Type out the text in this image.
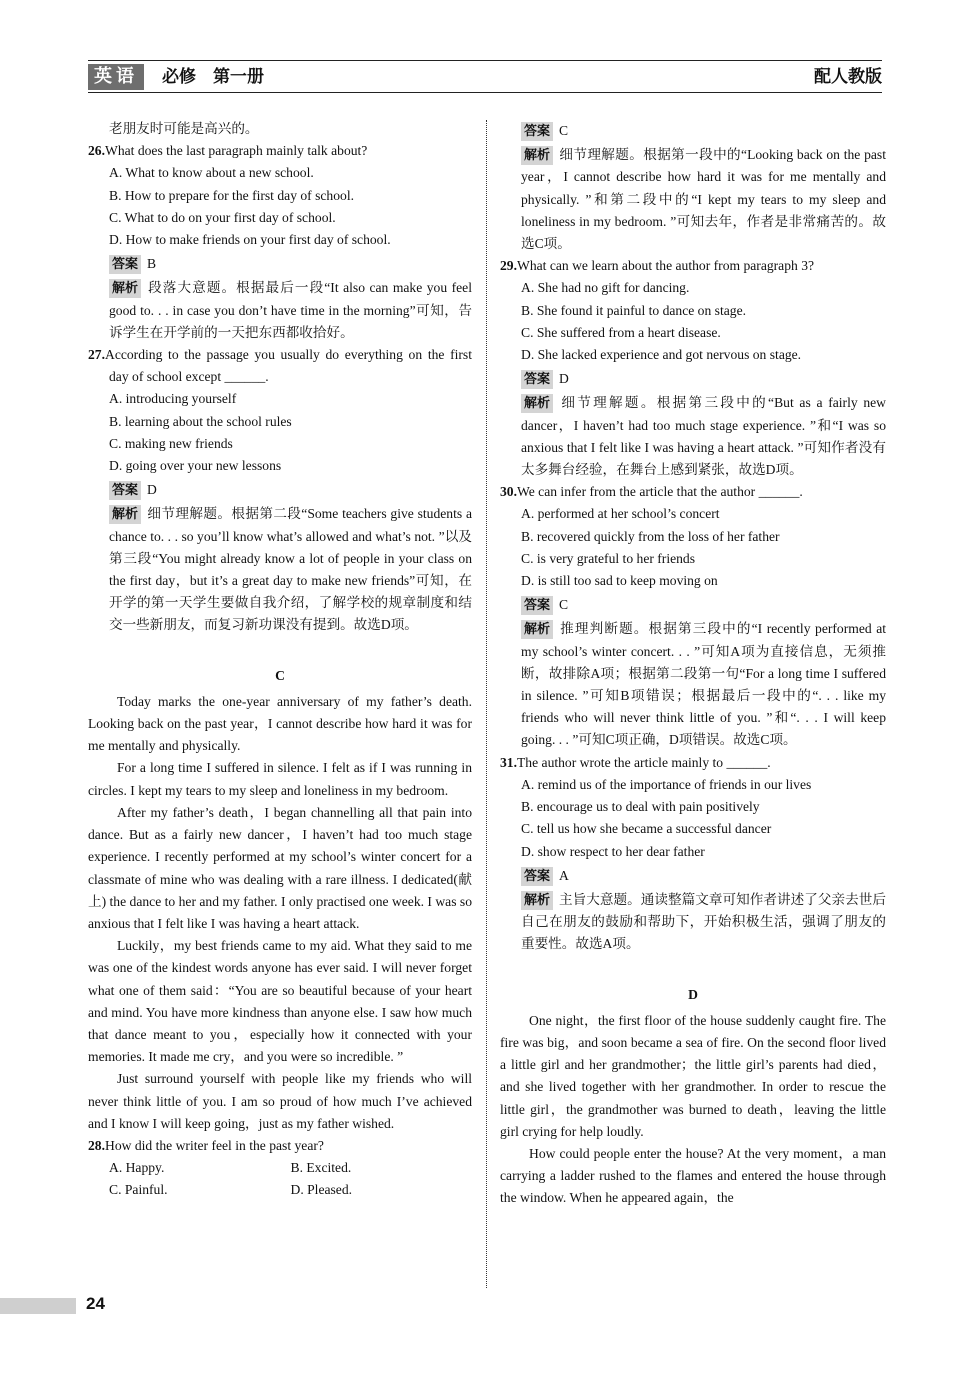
英语	必修　第一册	配人教版

老朋友时可能是高兴的。

26.What does the last paragraph mainly talk about?

A. What to know about a new school.

B. How to prepare for the first day of school.

C. What to do on your first day of school.

D. How to make friends on your first day of school.

答案 B

解析 段落大意题。根据最后一段“It also can make you feel good to. . . in case you don’t have time in the morning”可知，告诉学生在开学前的一天把东西都收拾好。

27.According to the passage you usually do everything on the first day of school except ______.

A. introducing yourself

B. learning about the school rules

C. making new friends

D. going over your new lessons

答案 D

解析 细节理解题。根据第二段“Some teachers give students a chance to. . . so you’ll know what’s allowed and what’s not. ”以及第三段“You might already know a lot of people in your class on the first day，but it’s a great day to make new friends”可知，在开学的第一天学生要做自我介绍，了解学校的规章制度和结交一些新朋友，而复习新功课没有提到。故选D项。

C

Today marks the one-year anniversary of my father’s death. Looking back on the past year，I cannot describe how hard it was for me mentally and physically.

For a long time I suffered in silence. I felt as if I was running in circles. I kept my tears to my sleep and loneliness in my bedroom.

After my father’s death，I began channelling all that pain into dance. But as a fairly new dancer，I haven’t had too much stage experience. I recently performed at my school’s winter concert for a classmate of mine who was dealing with a rare illness. I dedicated(献上) the dance to her and my father. I only practised one week. I was so anxious that I felt like I was having a heart attack.

Luckily，my best friends came to my aid. What they said to me was one of the kindest words anyone has ever said. I will never forget what one of them said：“You are so beautiful because of your heart and mind. You have more kindness than anyone else. I saw how much that dance meant to you，especially how it connected with your memories. It made me cry，and you were so incredible. ”

Just surround yourself with people like my friends who will never think little of you. I am so proud of how much I’ve achieved and I know I will keep going，just as my father wished.

28.How did the writer feel in the past year?

A. Happy.	B. Excited.
C. Painful.	D. Pleased.

答案 C

解析 细节理解题。根据第一段中的“Looking back on the past year，I cannot describe how hard it was for me mentally and physically. ”和第二段中的“I kept my tears to my sleep and loneliness in my bedroom. ”可知去年，作者是非常痛苦的。故选C项。

29.What can we learn about the author from paragraph 3?

A. She had no gift for dancing.

B. She found it painful to dance on stage.

C. She suffered from a heart disease.

D. She lacked experience and got nervous on stage.

答案 D

解析 细节理解题。根据第三段中的“But as a fairly new dancer，I haven’t had too much stage experience. ”和“I was so anxious that I felt like I was having a heart attack. ”可知作者没有太多舞台经验，在舞台上感到紧张，故选D项。

30.We can infer from the article that the author ______.

A. performed at her school’s concert

B. recovered quickly from the loss of her father

C. is very grateful to her friends

D. is still too sad to keep moving on

答案 C

解析 推理判断题。根据第三段中的“I recently performed at my school’s winter concert. . . ”可知A项为直接信息，无须推断，故排除A项；根据第二段第一句“For a long time I suffered in silence. ”可知B项错误；根据最后一段中的“. . . like my friends who will never think little of you. ”和“. . . I will keep going. . . ”可知C项正确，D项错误。故选C项。

31.The author wrote the article mainly to ______.

A. remind us of the importance of friends in our lives

B. encourage us to deal with pain positively

C. tell us how she became a successful dancer

D. show respect to her dear father

答案 A

解析 主旨大意题。通读整篇文章可知作者讲述了父亲去世后自己在朋友的鼓励和帮助下，开始积极生活，强调了朋友的重要性。故选A项。

D

One night，the first floor of the house suddenly caught fire. The fire was big，and soon became a sea of fire. On the second floor lived a little girl and her grandmother；the little girl’s parents had died，and she lived together with her grandmother. In order to rescue the little girl，the grandmother was burned to death，leaving the little girl crying for help loudly.

How could people enter the house? At the very moment，a man carrying a ladder rushed to the flames and entered the house through the window. When he appeared again，the

24
